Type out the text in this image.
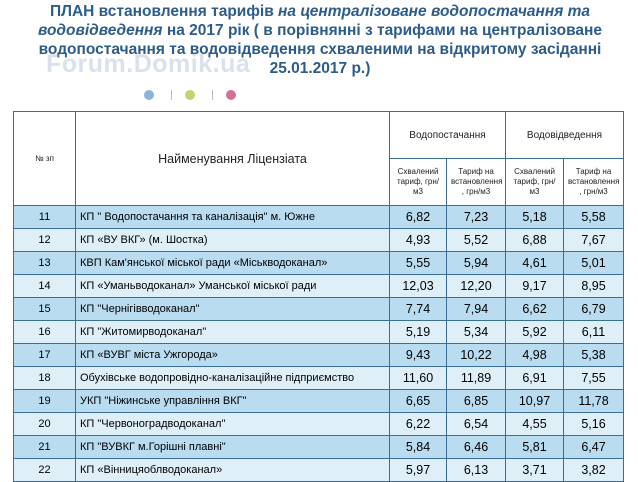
ПЛАН встановлення тарифів на централізоване водопостачання та водовідведення на 2017 рік ( в порівнянні з тарифами на централізоване водопостачання та водовідведення схваленими на відкритому засіданні 25.01.2017 р.)
Forum.Domik.ua
№ зп	Найменування Ліцензіата	Водопостачання		Водовідведення	
		Схвалений тариф, грн/м3	Тариф на встановлення , грн/м3	Схвалений тариф, грн/м3	Тариф на встановлення , грн/м3
11	КП " Водопостачання та каналізація" м. Южне	6,82	7,23	5,18	5,58
12	КП «ВУ ВКГ» (м. Шостка)	4,93	5,52	6,88	7,67
13	КВП Кам'янської міської ради «Міськводоканал»	5,55	5,94	4,61	5,01
14	КП «Уманьводоканал» Уманської міської ради	12,03	12,20	9,17	8,95
15	КП "Чернігівводоканал"	7,74	7,94	6,62	6,79
16	КП "Житомирводоканал"	5,19	5,34	5,92	6,11
17	КП «ВУВГ міста Ужгорода»	9,43	10,22	4,98	5,38
18	Обухівське водопровідно-каналізаційне підприємство	11,60	11,89	6,91	7,55
19	УКП "Ніжинське управління ВКГ"	6,65	6,85	10,97	11,78
20	КП "Червоноградводоканал"	6,22	6,54	4,55	5,16
21	КП "ВУВКГ м.Горішні плавні"	5,84	6,46	5,81	6,47
22	КП «Вінницяоблводоканал»	5,97	6,13	3,71	3,82
